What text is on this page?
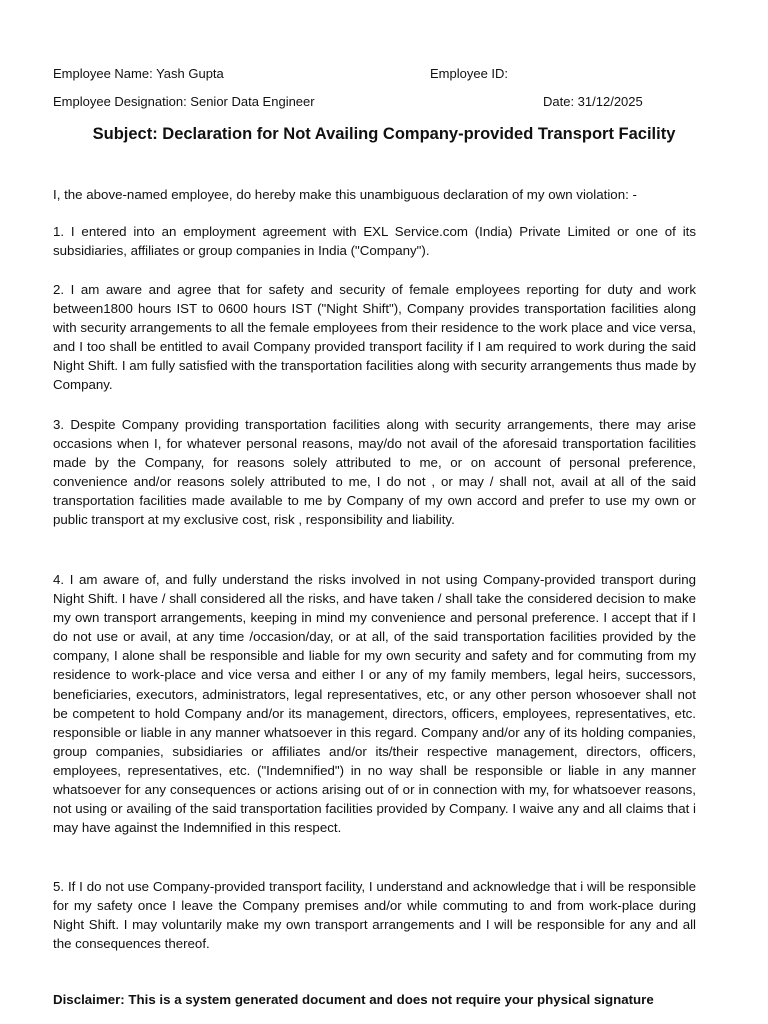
Employee Name: Yash Gupta	Employee ID:
Employee Designation: Senior Data Engineer	Date: 31/12/2025
Subject: Declaration for Not Availing Company-provided Transport Facility
I, the above-named employee, do hereby make this unambiguous declaration of my own violation: -
1. I entered into an employment agreement with EXL Service.com (India) Private Limited or one of its subsidiaries, affiliates or group companies in India ("Company").
2. I am aware and agree that for safety and security of female employees reporting for duty and work between1800 hours IST to 0600 hours IST ("Night Shift"), Company provides transportation facilities along with security arrangements to all the female employees from their residence to the work place and vice versa, and I too shall be entitled to avail Company provided transport facility if I am required to work during the said Night Shift. I am fully satisfied with the transportation facilities along with security arrangements thus made by Company.
3. Despite Company providing transportation facilities along with security arrangements, there may arise occasions when I, for whatever personal reasons, may/do not avail of the aforesaid transportation facilities made by the Company, for reasons solely attributed to me, or on account of personal preference, convenience and/or reasons solely attributed to me, I do not , or may / shall not, avail at all of the said transportation facilities made available to me by Company of my own accord and prefer to use my own or public transport at my exclusive cost, risk , responsibility and liability.
4. I am aware of, and fully understand the risks involved in not using Company-provided transport during Night Shift. I have / shall considered all the risks, and have taken / shall take the considered decision to make my own transport arrangements, keeping in mind my convenience and personal preference. I accept that if I do not use or avail, at any time /occasion/day, or at all, of the said transportation facilities provided by the company, I alone shall be responsible and liable for my own security and safety and for commuting from my residence to work-place and vice versa and either I or any of my family members, legal heirs, successors, beneficiaries, executors, administrators, legal representatives, etc, or any other person whosoever shall not be competent to hold Company and/or its management, directors, officers, employees, representatives, etc. responsible or liable in any manner whatsoever in this regard. Company and/or any of its holding companies, group companies, subsidiaries or affiliates and/or its/their respective management, directors, officers, employees, representatives, etc. ("Indemnified") in no way shall be responsible or liable in any manner whatsoever for any consequences or actions arising out of or in connection with my, for whatsoever reasons, not using or availing of the said transportation facilities provided by Company. I waive any and all claims that i may have against the Indemnified in this respect.
5. If I do not use Company-provided transport facility, I understand and acknowledge that i will be responsible for my safety once I leave the Company premises and/or while commuting to and from work-place during Night Shift. I may voluntarily make my own transport arrangements and I will be responsible for any and all the consequences thereof.
Disclaimer: This is a system generated document and does not require your physical signature
